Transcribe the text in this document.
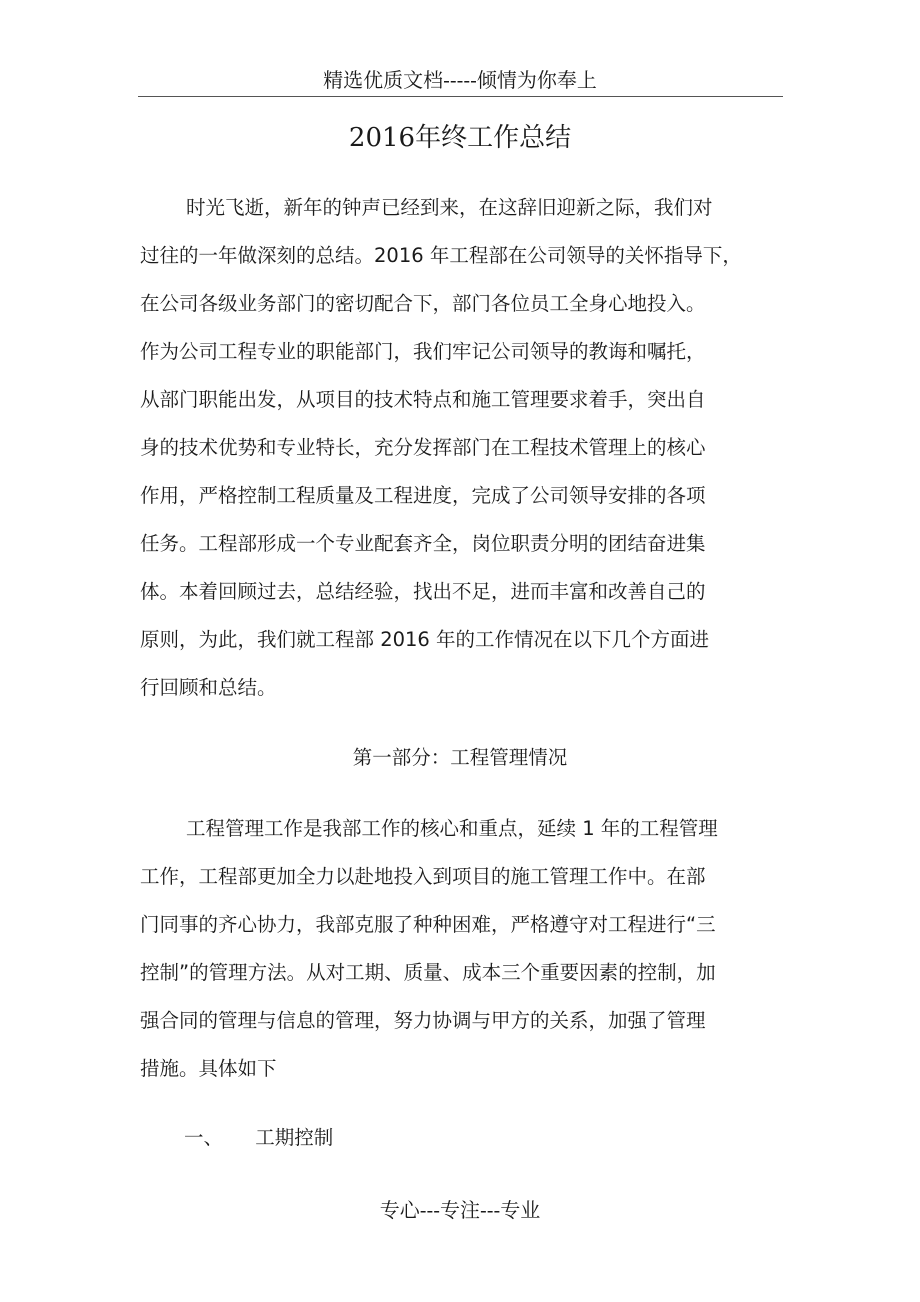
精选优质文档-----倾情为你奉上
2016年终工作总结
时光飞逝，新年的钟声已经到来，在这辞旧迎新之际，我们对
过往的一年做深刻的总结。2016 年工程部在公司领导的关怀指导下，
在公司各级业务部门的密切配合下，部门各位员工全身心地投入。
作为公司工程专业的职能部门，我们牢记公司领导的教诲和嘱托，
从部门职能出发，从项目的技术特点和施工管理要求着手，突出自
身的技术优势和专业特长，充分发挥部门在工程技术管理上的核心
作用，严格控制工程质量及工程进度，完成了公司领导安排的各项
任务。工程部形成一个专业配套齐全，岗位职责分明的团结奋进集
体。本着回顾过去，总结经验，找出不足，进而丰富和改善自己的
原则，为此，我们就工程部 2016 年的工作情况在以下几个方面进
行回顾和总结。
第一部分：工程管理情况
工程管理工作是我部工作的核心和重点，延续 1 年的工程管理
工作，工程部更加全力以赴地投入到项目的施工管理工作中。在部
门同事的齐心协力，我部克服了种种困难，严格遵守对工程进行“三
控制”的管理方法。从对工期、质量、成本三个重要因素的控制，加
强合同的管理与信息的管理，努力协调与甲方的关系，加强了管理
措施。具体如下
一、 工期控制
专心---专注---专业
